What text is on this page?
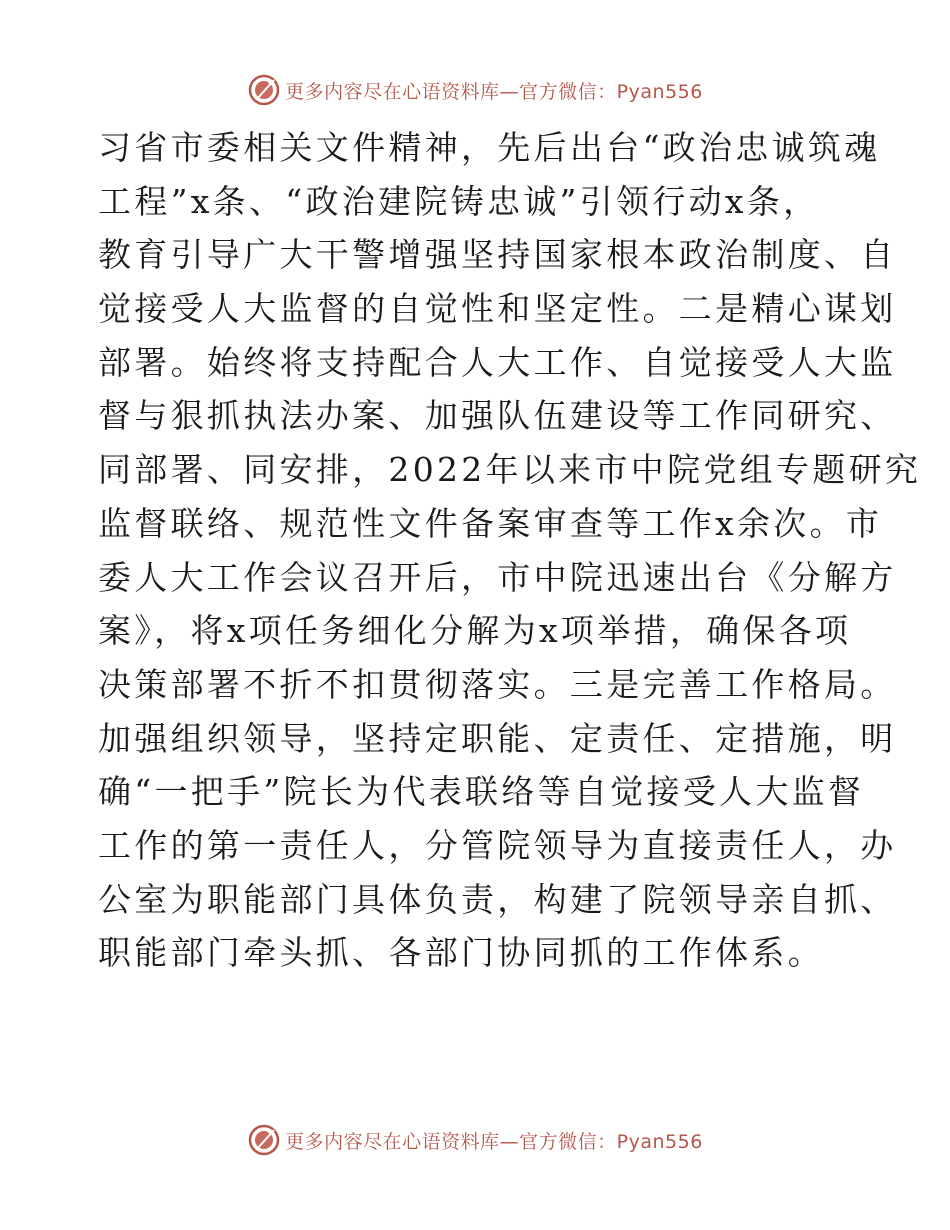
更多内容尽在心语资料库—官方微信：Pyan556
习省市委相关文件精神，先后出台“政治忠诚筑魂
工程”x条、“政治建院铸忠诚”引领行动x条，
教育引导广大干警增强坚持国家根本政治制度、自
觉接受人大监督的自觉性和坚定性。二是精心谋划
部署。始终将支持配合人大工作、自觉接受人大监
督与狠抓执法办案、加强队伍建设等工作同研究、
同部署、同安排，2022年以来市中院党组专题研究
监督联络、规范性文件备案审查等工作x余次。市
委人大工作会议召开后，市中院迅速出台《分解方
案》，将x项任务细化分解为x项举措，确保各项
决策部署不折不扣贯彻落实。三是完善工作格局。
加强组织领导，坚持定职能、定责任、定措施，明
确“一把手”院长为代表联络等自觉接受人大监督
工作的第一责任人，分管院领导为直接责任人，办
公室为职能部门具体负责，构建了院领导亲自抓、
职能部门牵头抓、各部门协同抓的工作体系。
更多内容尽在心语资料库—官方微信：Pyan556
